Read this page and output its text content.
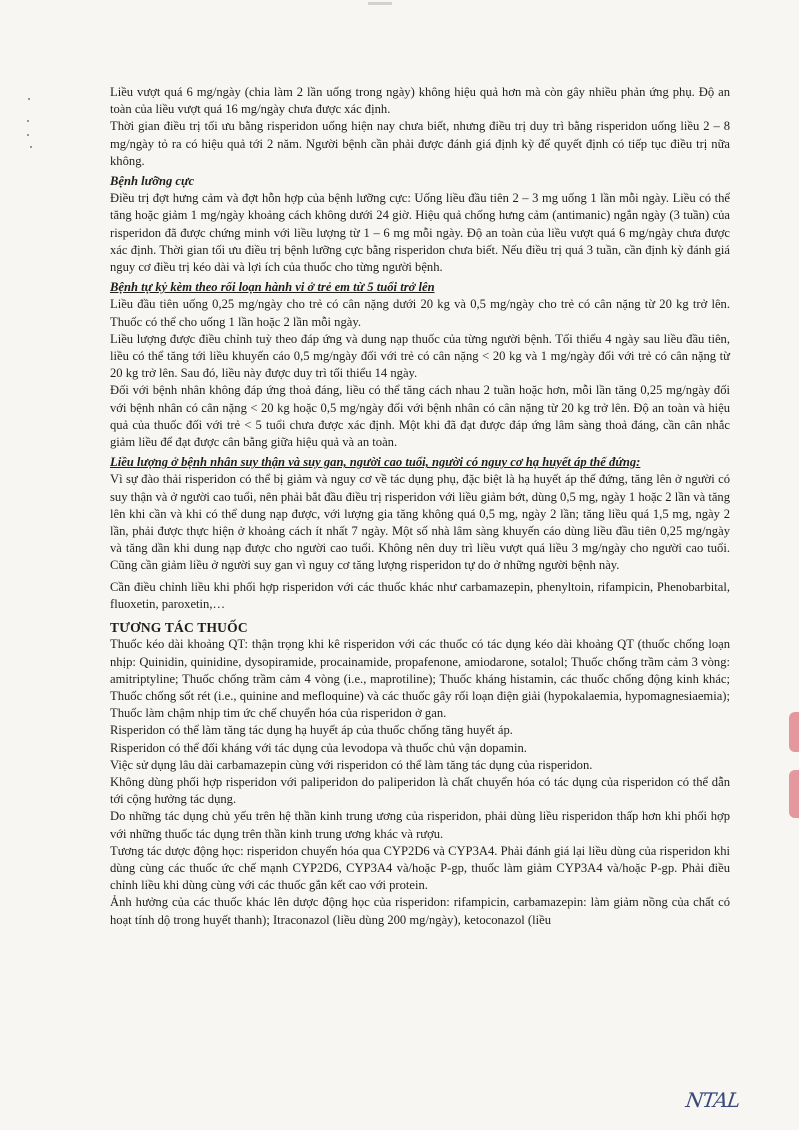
Liều vượt quá 6 mg/ngày (chia làm 2 lần uống trong ngày) không hiệu quả hơn mà còn gây nhiều phản ứng phụ. Độ an toàn của liều vượt quá 16 mg/ngày chưa được xác định.

Thời gian điều trị tối ưu bằng risperidon uống hiện nay chưa biết, nhưng điều trị duy trì bằng risperidon uống liều 2 – 8 mg/ngày tỏ ra có hiệu quả tới 2 năm. Người bệnh cần phải được đánh giá định kỳ để quyết định có tiếp tục điều trị nữa không.

Bệnh lưỡng cực

Điều trị đợt hưng cảm và đợt hỗn hợp của bệnh lưỡng cực: Uống liều đầu tiên 2 – 3 mg uống 1 lần mỗi ngày. Liều có thể tăng hoặc giảm 1 mg/ngày khoảng cách không dưới 24 giờ. Hiệu quả chống hưng cảm (antimanic) ngắn ngày (3 tuần) của risperidon đã được chứng minh với liều lượng từ 1 – 6 mg mỗi ngày. Độ an toàn của liều vượt quá 6 mg/ngày chưa được xác định. Thời gian tối ưu điều trị bệnh lưỡng cực bằng risperidon chưa biết. Nếu điều trị quá 3 tuần, cần định kỳ đánh giá nguy cơ điều trị kéo dài và lợi ích của thuốc cho từng người bệnh.

Bệnh tự kỷ kèm theo rối loạn hành vi ở trẻ em từ 5 tuổi trở lên

Liều đầu tiên uống 0,25 mg/ngày cho trẻ có cân nặng dưới 20 kg và 0,5 mg/ngày cho trẻ có cân nặng từ 20 kg trở lên. Thuốc có thể cho uống 1 lần hoặc 2 lần mỗi ngày.

Liều lượng được điều chỉnh tuỳ theo đáp ứng và dung nạp thuốc của từng người bệnh. Tối thiểu 4 ngày sau liều đầu tiên, liều có thể tăng tới liều khuyến cáo 0,5 mg/ngày đối với trẻ có cân nặng < 20 kg và 1 mg/ngày đối với trẻ có cân nặng từ 20 kg trở lên. Sau đó, liều này được duy trì tối thiểu 14 ngày.

Đối với bệnh nhân không đáp ứng thoả đáng, liều có thể tăng cách nhau 2 tuần hoặc hơn, mỗi lần tăng 0,25 mg/ngày đối với bệnh nhân có cân nặng < 20 kg hoặc 0,5 mg/ngày đối với bệnh nhân có cân nặng từ 20 kg trở lên. Độ an toàn và hiệu quả của thuốc đối với trẻ < 5 tuổi chưa được xác định. Một khi đã đạt được đáp ứng lâm sàng thoả đáng, cần cân nhắc giảm liều để đạt được cân bằng giữa hiệu quả và an toàn.

Liều lượng ở bệnh nhân suy thận và suy gan, người cao tuổi, người có nguy cơ hạ huyết áp thế đứng:

Vì sự đào thải risperidon có thể bị giảm và nguy cơ về tác dụng phụ, đặc biệt là hạ huyết áp thế đứng, tăng lên ở người có suy thận và ở người cao tuổi, nên phải bắt đầu điều trị risperidon với liều giảm bớt, dùng 0,5 mg, ngày 1 hoặc 2 lần và tăng lên khi cần và khi có thể dung nạp được, với lượng gia tăng không quá 0,5 mg, ngày 2 lần; tăng liều quá 1,5 mg, ngày 2 lần, phải được thực hiện ở khoảng cách ít nhất 7 ngày. Một số nhà lâm sàng khuyến cáo dùng liều đầu tiên 0,25 mg/ngày và tăng dần khi dung nạp được cho người cao tuổi. Không nên duy trì liều vượt quá liều 3 mg/ngày cho người cao tuổi. Cũng cần giảm liều ở người suy gan vì nguy cơ tăng lượng risperidon tự do ở những người bệnh này.

Cần điều chỉnh liều khi phối hợp risperidon với các thuốc khác như carbamazepin, phenyltoin, rifampicin, Phenobarbital, fluoxetin, paroxetin,…

TƯƠNG TÁC THUỐC

Thuốc kéo dài khoảng QT: thận trọng khi kê risperidon với các thuốc có tác dụng kéo dài khoảng QT (thuốc chống loạn nhịp: Quinidin, quinidine, dysopiramide, procainamide, propafenone, amiodarone, sotalol; Thuốc chống trầm cảm 3 vòng: amitriptyline; Thuốc chống trầm cảm 4 vòng (i.e., maprotiline); Thuốc kháng histamin, các thuốc chống động kinh khác; Thuốc chống sốt rét (i.e., quinine and mefloquine) và các thuốc gây rối loạn điện giải (hypokalaemia, hypomagnesiaemia); Thuốc làm chậm nhịp tim ức chế chuyển hóa của risperidon ở gan.

Risperidon có thể làm tăng tác dụng hạ huyết áp của thuốc chống tăng huyết áp.

Risperidon có thể đối kháng với tác dụng của levodopa và thuốc chủ vận dopamin.

Việc sử dụng lâu dài carbamazepin cùng với risperidon có thể làm tăng tác dụng của risperidon.

Không dùng phối hợp risperidon với paliperidon do paliperidon là chất chuyển hóa có tác dụng của risperidon có thể dẫn tới cộng hưởng tác dụng.

Do những tác dụng chủ yếu trên hệ thần kinh trung ương của risperidon, phải dùng liều risperidon thấp hơn khi phối hợp với những thuốc tác dụng trên thần kinh trung ương khác và rượu.

Tương tác dược động học: risperidon chuyển hóa qua CYP2D6 và CYP3A4. Phải đánh giá lại liều dùng của risperidon khi dùng cùng các thuốc ức chế mạnh CYP2D6, CYP3A4 và/hoặc P-gp, thuốc làm giảm CYP3A4 và/hoặc P-gp. Phải điều chỉnh liều khi dùng cùng với các thuốc gắn kết cao với protein.

Ảnh hưởng của các thuốc khác lên dược động học của risperidon: rifampicin, carbamazepin: làm giảm nồng của chất có hoạt tính dộ trong huyết thanh); Itraconazol (liều dùng 200 mg/ngày), ketoconazol (liều

NTAL
